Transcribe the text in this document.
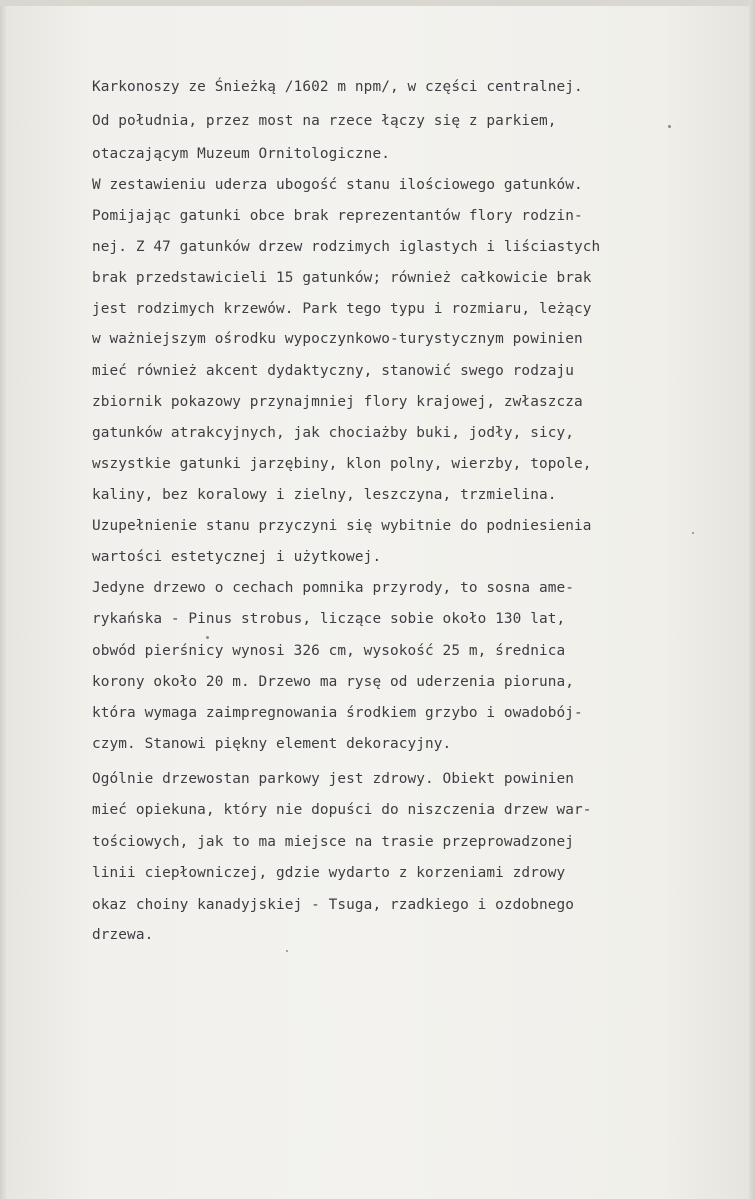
Karkonoszy ze Śnieżką /1602 m npm/, w części centralnej.
Od południa, przez most na rzece łączy się z parkiem,
otaczającym Muzeum Ornitologiczne.
W zestawieniu uderza ubogość stanu ilościowego gatunków.
Pomijając gatunki obce brak reprezentantów flory rodzin-
nej. Z 47 gatunków drzew rodzimych iglastych i liściastych
brak przedstawicieli 15 gatunków; również całkowicie brak
jest rodzimych krzewów. Park tego typu i rozmiaru, leżący
w ważniejszym ośrodku wypoczynkowo-turystycznym powinien
mieć również akcent dydaktyczny, stanowić swego rodzaju
zbiornik pokazowy przynajmniej flory krajowej, zwłaszcza
gatunków atrakcyjnych, jak chociażby buki, jodły, sicy,
wszystkie gatunki jarzębiny, klon polny, wierzby, topole,
kaliny, bez koralowy i zielny, leszczyna, trzmielina.
Uzupełnienie stanu przyczyni się wybitnie do podniesienia
wartości estetycznej i użytkowej.
Jedyne drzewo o cechach pomnika przyrody, to sosna ame-
rykańska - Pinus strobus, liczące sobie około 130 lat,
obwód pierśnicy wynosi 326 cm, wysokość 25 m, średnica
korony około 20 m. Drzewo ma rysę od uderzenia pioruna,
która wymaga zaimpregnowania środkiem grzybo i owadobój-
czym. Stanowi piękny element dekoracyjny.
Ogólnie drzewostan parkowy jest zdrowy. Obiekt powinien
mieć opiekuna, który nie dopuści do niszczenia drzew war-
tościowych, jak to ma miejsce na trasie przeprowadzonej
linii ciepłowniczej, gdzie wydarto z korzeniami zdrowy
okaz choiny kanadyjskiej - Tsuga, rzadkiego i ozdobnego
drzewa.
